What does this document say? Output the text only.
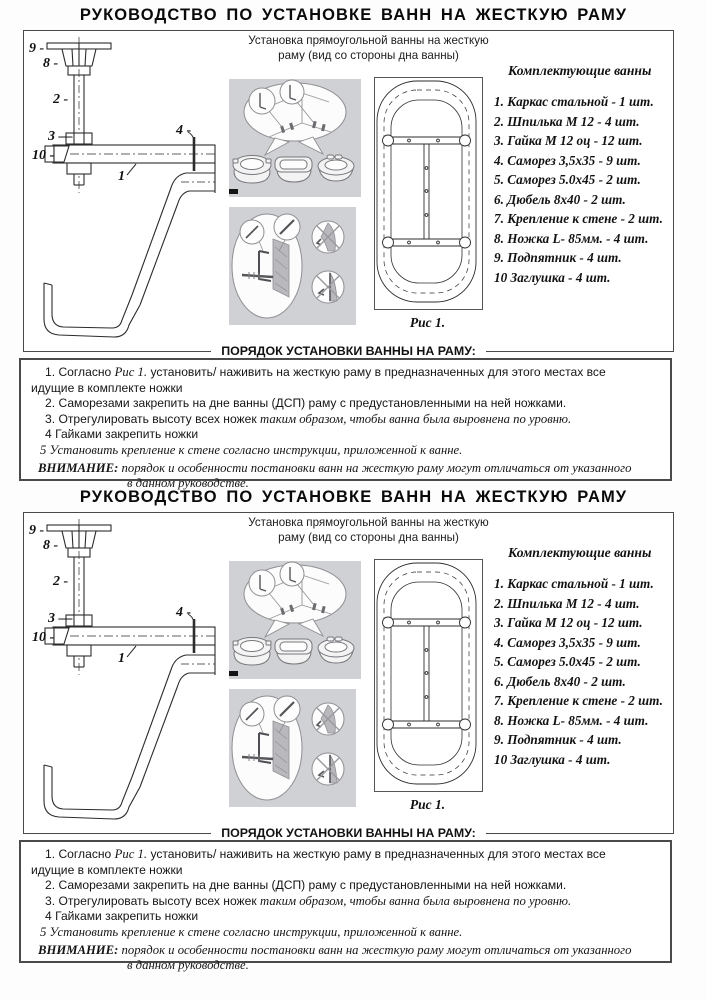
РУКОВОДСТВО ПО УСТАНОВКЕ ВАНН НА ЖЕСТКУЮ РАМУ
Установка прямоугольной ванны на жесткую
раму (вид со стороны дна ванны)
9 -
8 -
2 -
3 —
10 -
1
4 -
Рис 1.
Комплектующие ванны
1. Каркас стальной - 1 шт.
2. Шпилька М 12 - 4 шт.
3. Гайка М 12 оц - 12 шт.
4. Саморез 3,5х35 - 9 шт.
5. Саморез 5.0х45 - 2 шт.
6. Дюбель 8х40 - 2 шт.
7. Крепление к стене - 2 шт.
8. Ножка L- 85мм. - 4 шт.
9. Подпятник - 4 шт.
10 Заглушка - 4 шт.
ПОРЯДОК УСТАНОВКИ ВАННЫ НА РАМУ:
1. Согласно Рис 1. установить/ наживить на жесткую раму в предназначенных для этого местах все
идущие в комплекте ножки
2. Саморезами закрепить на дне ванны (ДСП) раму с предустановленными на ней ножками.
3. Отрегулировать высоту всех ножек таким образом, чтобы ванна была выровнена по уровню.
4 Гайками закрепить ножки
5 Установить крепление к стене согласно инструкции, приложенной к ванне.
ВНИМАНИЕ: порядок и особенности постановки ванн на жесткую раму могут отличаться от указанного
в данном руководстве.
РУКОВОДСТВО ПО УСТАНОВКЕ ВАНН НА ЖЕСТКУЮ РАМУ
Установка прямоугольной ванны на жесткую
раму (вид со стороны дна ванны)
9 -
8 -
2 -
3 —
10 -
1
4 -
Рис 1.
Комплектующие ванны
1. Каркас стальной - 1 шт.
2. Шпилька М 12 - 4 шт.
3. Гайка М 12 оц - 12 шт.
4. Саморез 3,5х35 - 9 шт.
5. Саморез 5.0х45 - 2 шт.
6. Дюбель 8х40 - 2 шт.
7. Крепление к стене - 2 шт.
8. Ножка L- 85мм. - 4 шт.
9. Подпятник - 4 шт.
10 Заглушка - 4 шт.
ПОРЯДОК УСТАНОВКИ ВАННЫ НА РАМУ:
1. Согласно Рис 1. установить/ наживить на жесткую раму в предназначенных для этого местах все
идущие в комплекте ножки
2. Саморезами закрепить на дне ванны (ДСП) раму с предустановленными на ней ножками.
3. Отрегулировать высоту всех ножек таким образом, чтобы ванна была выровнена по уровню.
4 Гайками закрепить ножки
5 Установить крепление к стене согласно инструкции, приложенной к ванне.
ВНИМАНИЕ: порядок и особенности постановки ванн на жесткую раму могут отличаться от указанного
в данном руководстве.
